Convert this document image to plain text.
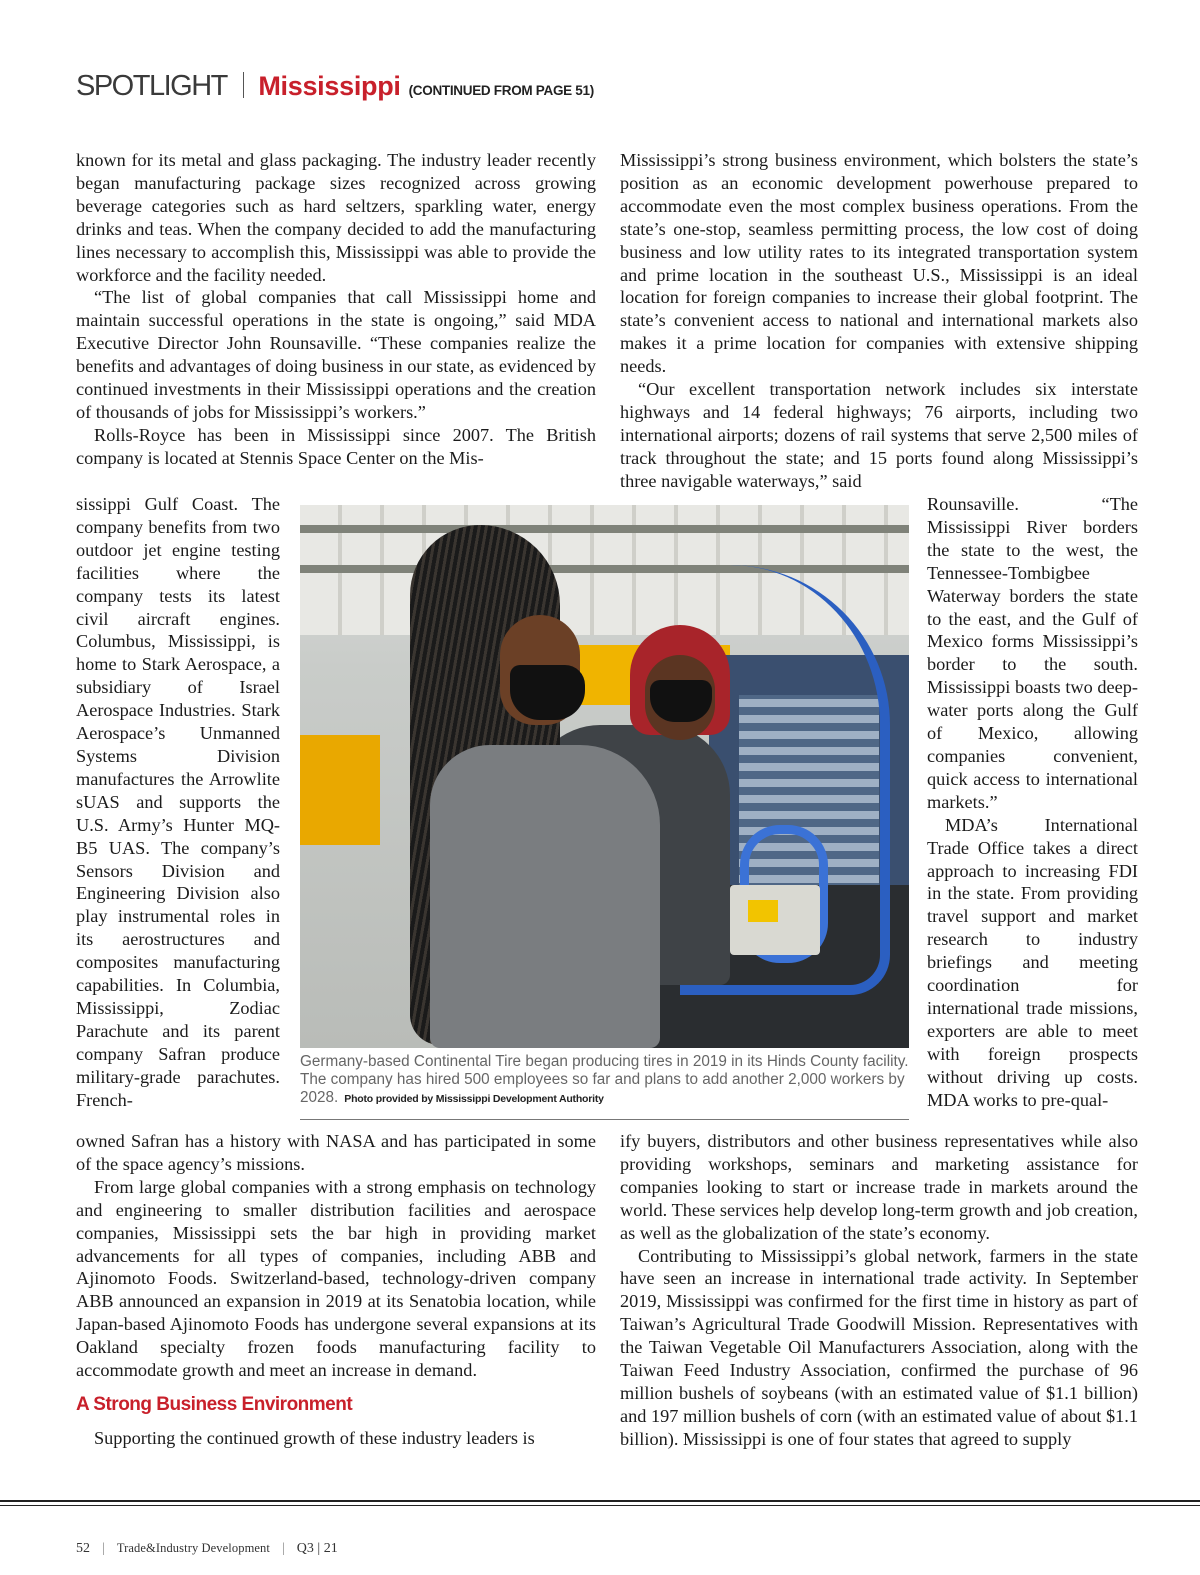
SPOTLIGHT Mississippi (CONTINUED FROM PAGE 51)

known for its metal and glass packaging. The industry leader recently began manufacturing package sizes recognized across growing beverage categories such as hard seltzers, sparkling water, energy drinks and teas. When the company decided to add the manufacturing lines necessary to accomplish this, Mississippi was able to provide the workforce and the facility needed.

“The list of global companies that call Mississippi home and maintain successful operations in the state is ongoing,” said MDA Executive Director John Rounsaville. “These companies realize the benefits and advantages of doing business in our state, as evidenced by continued investments in their Mississippi operations and the creation of thousands of jobs for Mississippi’s workers.”

Rolls-Royce has been in Mississippi since 2007. The British company is located at Stennis Space Center on the Mis-

Mississippi’s strong business environment, which bolsters the state’s position as an economic development powerhouse prepared to accommodate even the most complex business operations. From the state’s one-stop, seamless permitting process, the low cost of doing business and low utility rates to its integrated transportation system and prime location in the southeast U.S., Mississippi is an ideal location for foreign companies to increase their global footprint. The state’s convenient access to national and international markets also makes it a prime location for companies with extensive shipping needs.

“Our excellent transportation network includes six interstate highways and 14 federal highways; 76 airports, including two international airports; dozens of rail systems that serve 2,500 miles of track throughout the state; and 15 ports found along Mississippi’s three navigable waterways,” said

sissippi Gulf Coast. The company benefits from two outdoor jet engine testing facilities where the company tests its latest civil aircraft engines. Columbus, Mississippi, is home to Stark Aerospace, a subsidiary of Israel Aerospace Industries. Stark Aerospace’s Unmanned Systems Division manufactures the Arrowlite sUAS and supports the U.S. Army’s Hunter MQ-B5 UAS. The company’s Sensors Division and Engineering Division also play instrumental roles in its aerostructures and composites manufacturing capabilities. In Columbia, Mississippi, Zodiac Parachute and its parent company Safran produce military-grade parachutes. French-

Rounsaville. “The Mississippi River borders the state to the west, the Tennessee-Tombigbee Waterway borders the state to the east, and the Gulf of Mexico forms Mississippi’s border to the south. Mississippi boasts two deep-water ports along the Gulf of Mexico, allowing companies convenient, quick access to international markets.”

MDA’s International Trade Office takes a direct approach to increasing FDI in the state. From providing travel support and market research to industry briefings and meeting coordination for international trade missions, exporters are able to meet with foreign prospects without driving up costs. MDA works to pre-qual-

Germany-based Continental Tire began producing tires in 2019 in its Hinds County facility. The company has hired 500 employees so far and plans to add another 2,000 workers by 2028. Photo provided by Mississippi Development Authority

owned Safran has a history with NASA and has participated in some of the space agency’s missions.

From large global companies with a strong emphasis on technology and engineering to smaller distribution facilities and aerospace companies, Mississippi sets the bar high in providing market advancements for all types of companies, including ABB and Ajinomoto Foods. Switzerland-based, technology-driven company ABB announced an expansion in 2019 at its Senatobia location, while Japan-based Ajinomoto Foods has undergone several expansions at its Oakland specialty frozen foods manufacturing facility to accommodate growth and meet an increase in demand.

A Strong Business Environment

Supporting the continued growth of these industry leaders is

ify buyers, distributors and other business representatives while also providing workshops, seminars and marketing assistance for companies looking to start or increase trade in markets around the world. These services help develop long-term growth and job creation, as well as the globalization of the state’s economy.

Contributing to Mississippi’s global network, farmers in the state have seen an increase in international trade activity. In September 2019, Mississippi was confirmed for the first time in history as part of Taiwan’s Agricultural Trade Goodwill Mission. Representatives with the Taiwan Vegetable Oil Manufacturers Association, along with the Taiwan Feed Industry Association, confirmed the purchase of 96 million bushels of soybeans (with an estimated value of $1.1 billion) and 197 million bushels of corn (with an estimated value of about $1.1 billion). Mississippi is one of four states that agreed to supply

52 | Trade&Industry Development | Q3 | 21
